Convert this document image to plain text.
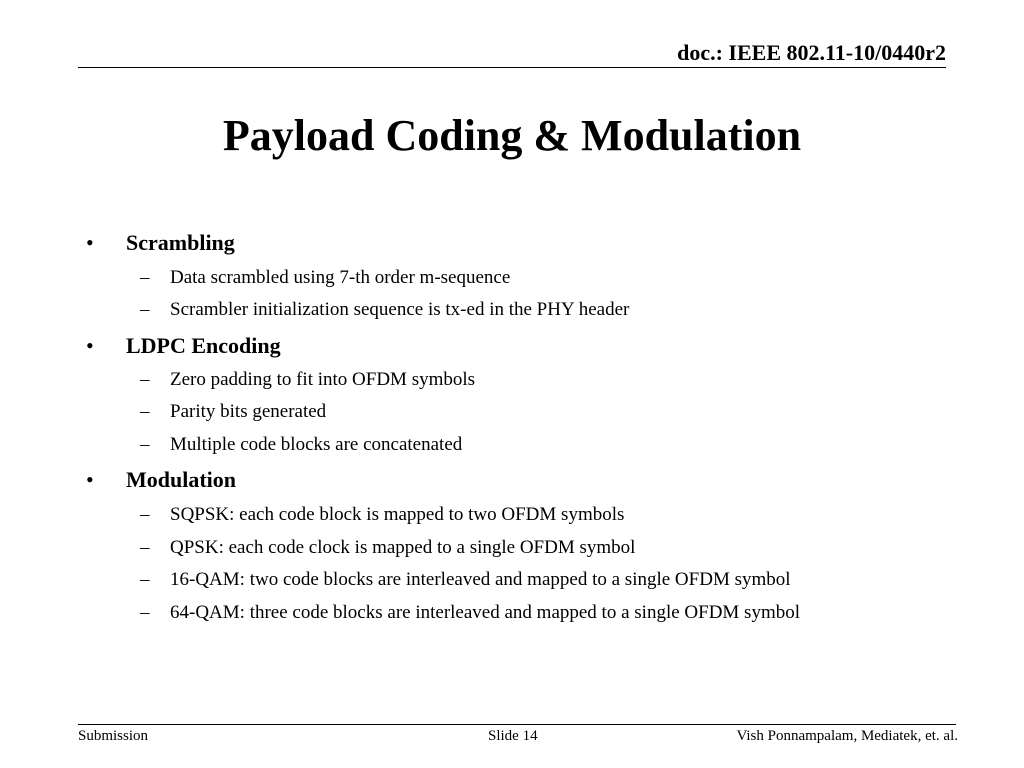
doc.: IEEE 802.11-10/0440r2
Payload Coding & Modulation
• Scrambling
– Data scrambled using 7-th order m-sequence
– Scrambler initialization sequence is tx-ed in the PHY header
• LDPC Encoding
– Zero padding to fit into OFDM symbols
– Parity bits generated
– Multiple code blocks are concatenated
• Modulation
– SQPSK: each code block is mapped to two OFDM symbols
– QPSK: each code clock is mapped to a single OFDM symbol
– 16-QAM: two code blocks are interleaved and mapped to a single OFDM symbol
– 64-QAM: three code blocks are interleaved and mapped to a single OFDM symbol
Submission	Slide 14	Vish Ponnampalam, Mediatek, et. al.
